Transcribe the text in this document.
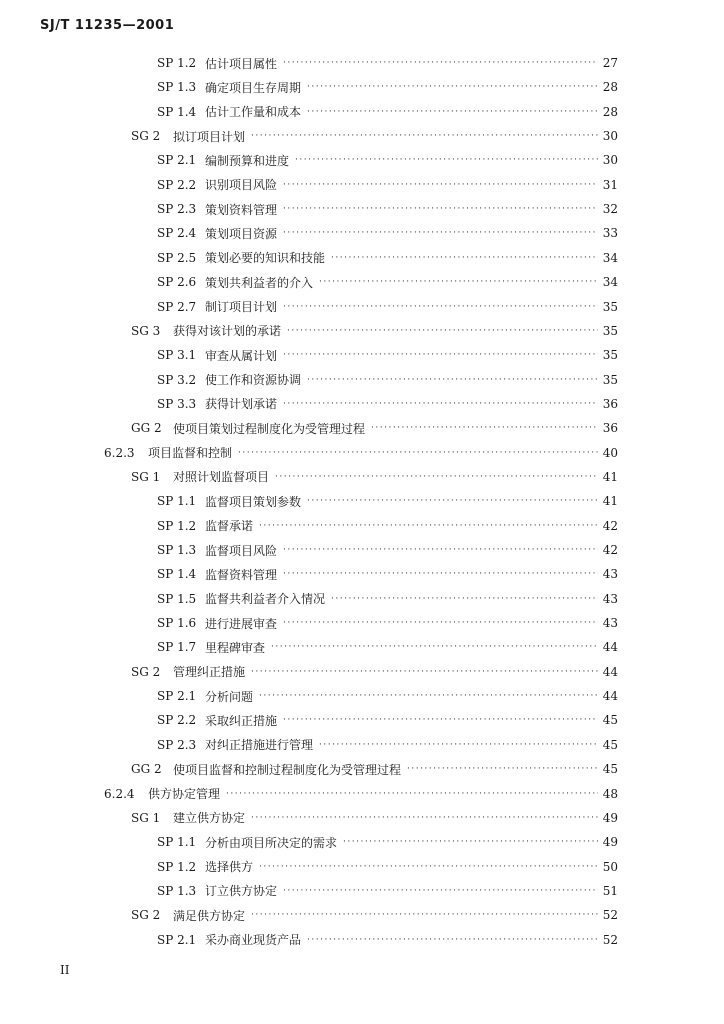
SJ/T 11235—2001
SP 1.2 估计项目属性 ·····	27
SP 1.3 确定项目生存周期 ·····	28
SP 1.4 估计工作量和成本 ·····	28
SG 2 拟订项目计划 ·····	30
SP 2.1 编制预算和进度 ·····	30
SP 2.2 识别项目风险 ·····	31
SP 2.3 策划资料管理 ·····	32
SP 2.4 策划项目资源 ·····	33
SP 2.5 策划必要的知识和技能 ·····	34
SP 2.6 策划共利益者的介入 ·····	34
SP 2.7 制订项目计划 ·····	35
SG 3 获得对该计划的承诺 ·····	35
SP 3.1 审查从属计划 ·····	35
SP 3.2 使工作和资源协调 ·····	35
SP 3.3 获得计划承诺 ·····	36
GG 2 使项目策划过程制度化为受管理过程 ·····	36
6.2.3 项目监督和控制 ·····	40
SG 1 对照计划监督项目 ·····	41
SP 1.1 监督项目策划参数 ·····	41
SP 1.2 监督承诺 ·····	42
SP 1.3 监督项目风险 ·····	42
SP 1.4 监督资料管理 ·····	43
SP 1.5 监督共利益者介入情况 ·····	43
SP 1.6 进行进展审查 ·····	43
SP 1.7 里程碑审查 ·····	44
SG 2 管理纠正措施 ·····	44
SP 2.1 分析问题 ·····	44
SP 2.2 采取纠正措施 ·····	45
SP 2.3 对纠正措施进行管理 ·····	45
GG 2 使项目监督和控制过程制度化为受管理过程 ·····	45
6.2.4 供方协定管理 ·····	48
SG 1 建立供方协定 ·····	49
SP 1.1 分析由项目所决定的需求 ·····	49
SP 1.2 选择供方 ·····	50
SP 1.3 订立供方协定 ·····	51
SG 2 满足供方协定 ·····	52
SP 2.1 采办商业现货产品 ·····	52
II
